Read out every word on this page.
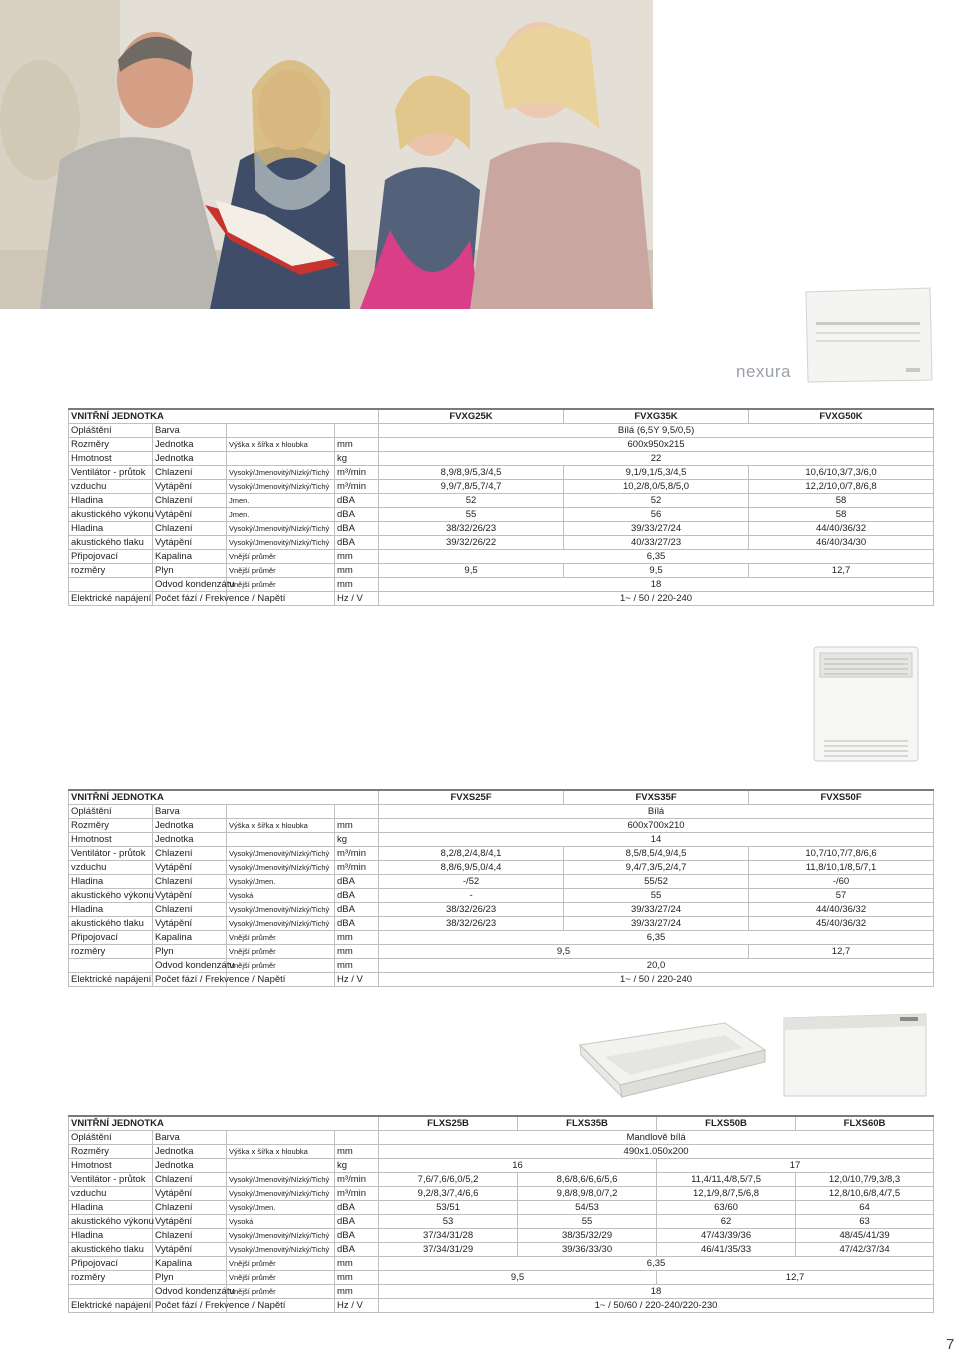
nexura
VNITŘNÍ JEDNOTKA				FVXG25K	FVXG35K	FVXG50K
Opláštění	Barva			Bílá (6,5Y 9,5/0,5)		
Rozměry	Jednotka	Výška x šířka x hloubka	mm	600x950x215		
Hmotnost	Jednotka		kg	22		
Ventilátor - průtok	Chlazení	Vysoký/Jmenovitý/Nízký/Tichý	m³/min	8,9/8,9/5,3/4,5	9,1/9,1/5,3/4,5	10,6/10,3/7,3/6,0
vzduchu	Vytápění	Vysoký/Jmenovitý/Nízký/Tichý	m³/min	9,9/7,8/5,7/4,7	10,2/8,0/5,8/5,0	12,2/10,0/7,8/6,8
Hladina	Chlazení	Jmen.	dBA	52	52	58
akustického výkonu	Vytápění	Jmen.	dBA	55	56	58
Hladina	Chlazení	Vysoký/Jmenovitý/Nízký/Tichý	dBA	38/32/26/23	39/33/27/24	44/40/36/32
akustického tlaku	Vytápění	Vysoký/Jmenovitý/Nízký/Tichý	dBA	39/32/26/22	40/33/27/23	46/40/34/30
Připojovací	Kapalina	Vnější průměr	mm	6,35		
rozměry	Plyn	Vnější průměr	mm	9,5	9,5	12,7
	Odvod kondenzátu	Vnější průměr	mm	18		
Elektrické napájení	Počet fází / Frekvence / Napětí		Hz / V	1~ / 50 / 220-240		
VNITŘNÍ JEDNOTKA				FVXS25F	FVXS35F	FVXS50F
Opláštění	Barva			Bílá		
Rozměry	Jednotka	Výška x šířka x hloubka	mm	600x700x210		
Hmotnost	Jednotka		kg	14		
Ventilátor - průtok	Chlazení	Vysoký/Jmenovitý/Nízký/Tichý	m³/min	8,2/8,2/4,8/4,1	8,5/8,5/4,9/4,5	10,7/10,7/7,8/6,6
vzduchu	Vytápění	Vysoký/Jmenovitý/Nízký/Tichý	m³/min	8,8/6,9/5,0/4,4	9,4/7,3/5,2/4,7	11,8/10,1/8,5/7,1
Hladina	Chlazení	Vysoký/Jmen.	dBA	-/52	55/52	-/60
akustického výkonu	Vytápění	Vysoká	dBA	-	55	57
Hladina	Chlazení	Vysoký/Jmenovitý/Nízký/Tichý	dBA	38/32/26/23	39/33/27/24	44/40/36/32
akustického tlaku	Vytápění	Vysoký/Jmenovitý/Nízký/Tichý	dBA	38/32/26/23	39/33/27/24	45/40/36/32
Připojovací	Kapalina	Vnější průměr	mm	6,35		
rozměry	Plyn	Vnější průměr	mm	9,5		12,7
	Odvod kondenzátu	Vnější průměr	mm	20,0		
Elektrické napájení	Počet fází / Frekvence / Napětí		Hz / V	1~ / 50 / 220-240		
VNITŘNÍ JEDNOTKA				FLXS25B	FLXS35B	FLXS50B	FLXS60B
Opláštění	Barva			Mandlově bílá			
Rozměry	Jednotka	Výška x šířka x hloubka	mm	490x1.050x200			
Hmotnost	Jednotka		kg	16		17	
Ventilátor - průtok	Chlazení	Vysoký/Jmenovitý/Nízký/Tichý	m³/min	7,6/7,6/6,0/5,2	8,6/8,6/6,6/5,6	11,4/11,4/8,5/7,5	12,0/10,7/9,3/8,3
vzduchu	Vytápění	Vysoký/Jmenovitý/Nízký/Tichý	m³/min	9,2/8,3/7,4/6,6	9,8/8,9/8,0/7,2	12,1/9,8/7,5/6,8	12,8/10,6/8,4/7,5
Hladina	Chlazení	Vysoký/Jmen.	dBA	53/51	54/53	63/60	64
akustického výkonu	Vytápění	Vysoká	dBA	53	55	62	63
Hladina	Chlazení	Vysoký/Jmenovitý/Nízký/Tichý	dBA	37/34/31/28	38/35/32/29	47/43/39/36	48/45/41/39
akustického tlaku	Vytápění	Vysoký/Jmenovitý/Nízký/Tichý	dBA	37/34/31/29	39/36/33/30	46/41/35/33	47/42/37/34
Připojovací	Kapalina	Vnější průměr	mm	6,35			
rozměry	Plyn	Vnější průměr	mm	9,5		12,7	
	Odvod kondenzátu	Vnější průměr	mm	18			
Elektrické napájení	Počet fází / Frekvence / Napětí		Hz / V	1~ / 50/60 / 220-240/220-230			
7
